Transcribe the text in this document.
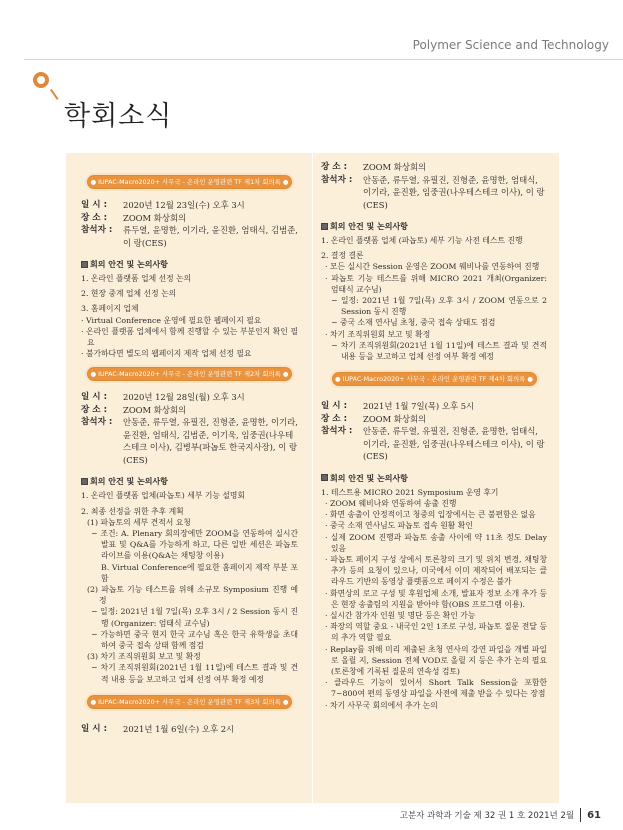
Polymer Science and Technology
학회소식
● IUPAC-Macro2020+ 사무국 - 온라인 운영관련 TF 제1차 회의록 ●
일 시 :	2020년 12월 23일(수) 오후 3시
장 소 :	ZOOM 화상회의
참석자 :	류두열, 윤명한, 이기라, 윤진환, 엄태식, 김범준, 이 랑(CES)
회의 안건 및 논의사항
1. 온라인 플랫폼 업체 선정 논의
2. 현장 중계 업체 선정 논의
3. 홈페이지 업체
· Virtual Conference 운영에 필요한 웹페이지 필요
· 온라인 플랫폼 업체에서 함께 진행할 수 있는 부분인지 확인 필요
· 불가하다면 별도의 웹페이지 제작 업체 선정 필요
● IUPAC-Macro2020+ 사무국 - 온라인 운영관련 TF 제2차 회의록 ●
일 시 :	2020년 12월 28일(월) 오후 3시
장 소 :	ZOOM 화상회의
참석자 :	안동준, 류두열, 유필진, 진형준, 윤명한, 이기라, 윤진환, 엄태식, 김범준, 이기욱, 임중권(나우테스테크 이사), 김병부(파놉토 한국지사장), 이 랑(CES)
회의 안건 및 논의사항
1. 온라인 플랫폼 업체(파놉토) 세부 기능 설명회
2. 최종 선정을 위한 추후 계획
(1) 파놉토의 세부 견적서 요청
− 조건: A. Plenary 회의장에만 ZOOM을 연동하여 실시간 발표 및 Q&A를 가능하게 하고, 다른 일반 세션은 파놉토 라이브를 이용(Q&A는 채팅창 이용)
B. Virtual Conference에 필요한 홈페이지 제작 부분 포함
(2) 파놉토 기능 테스트를 위해 소규모 Symposium 진행 예정
− 일정: 2021년 1월 7일(목) 오후 3시 / 2 Session 동시 진행 (Organizer: 엄태식 교수님)
− 가능하면 중국 현지 한국 교수님 혹은 한국 유학생을 초대하여 중국 접속 상태 함께 점검
(3) 차기 조직위원회 보고 및 확정
− 차기 조직위원회(2021년 1월 11일)에 테스트 결과 및 견적 내용 등을 보고하고 업체 선정 여부 확정 예정
● IUPAC-Macro2020+ 사무국 - 온라인 운영관련 TF 제3차 회의록 ●
일 시 :	2021년 1월 6일(수) 오후 2시
장 소 :	ZOOM 화상회의
참석자 :	안동준, 류두열, 유필진, 진형준, 윤명한, 엄태식, 이기라, 윤진환, 임중권(나우테스테크 이사), 이 랑(CES)
회의 안건 및 논의사항
1. 온라인 플랫폼 업체 (파놉토) 세부 기능 사전 테스트 진행
2. 결정 결론
· 모든 실시간 Session 운영은 ZOOM 웨비나를 연동하여 진행
· 파놉토 기능 테스트를 위해 MICRO 2021 개최(Organizer: 엄태식 교수님)
− 일정: 2021년 1월 7일(목) 오후 3시 / ZOOM 연동으로 2 Session 동시 진행
− 중국 소재 연사님 초청, 중국 접속 상태도 점검
· 차기 조직위원회 보고 및 확정
− 차기 조직위원회(2021년 1월 11일)에 테스트 결과 및 견적 내용 등을 보고하고 업체 선정 여부 확정 예정
● IUPAC-Macro2020+ 사무국 - 온라인 운영관련 TF 제4차 회의록 ●
일 시 :	2021년 1월 7일(목) 오후 5시
장 소 :	ZOOM 화상회의
참석자 :	안동준, 류두열, 유필진, 진형준, 윤명한, 엄태식, 이기라, 윤진환, 임중권(나우테스테크 이사), 이 랑(CES)
회의 안건 및 논의사항
1. 테스트용 MICRO 2021 Symposium 운영 후기
· ZOOM 웨비나와 연동하여 송출 진행
· 화면 송출이 안정적이고 청중의 입장에서는 큰 불편함은 없음
· 중국 소재 연사님도 파놉토 접속 원활 확인
· 실제 ZOOM 진행과 파놉토 송출 사이에 약 11초 정도 Delay 있음
· 파놉토 페이지 구성 상에서 토론창의 크기 및 위치 변경, 채팅창 추가 등의 요청이 있으나, 미국에서 이미 제작되어 배포되는 클라우드 기반의 동영상 플랫폼으로 페이지 수정은 불가
· 화면상의 로고 구성 및 후원업체 소개, 발표자 정보 소개 추가 등은 현장 송출팀의 지원을 받아야 함(OBS 프로그램 이용).
· 실시간 참가자 인원 및 명단 등은 확인 가능
· 좌장의 역할 중요 - 내국인 2인 1조로 구성, 파놉토 질문 전달 등의 추가 역할 필요
· Replay를 위해 미리 제출된 초청 연사의 강연 파일을 개별 파일로 올릴 지, Session 전체 VOD로 올릴 지 등은 추가 논의 필요(토론창에 기록된 질문의 연속성 검토)
· 클라우드 기능이 있어서 Short Talk Session을 포함한 7~800여 편의 동영상 파일을 사전에 제출 받을 수 있다는 장점
· 차기 사무국 회의에서 추가 논의
고분자 과학과 기술 제 32 권 1 호 2021년 2월 61
